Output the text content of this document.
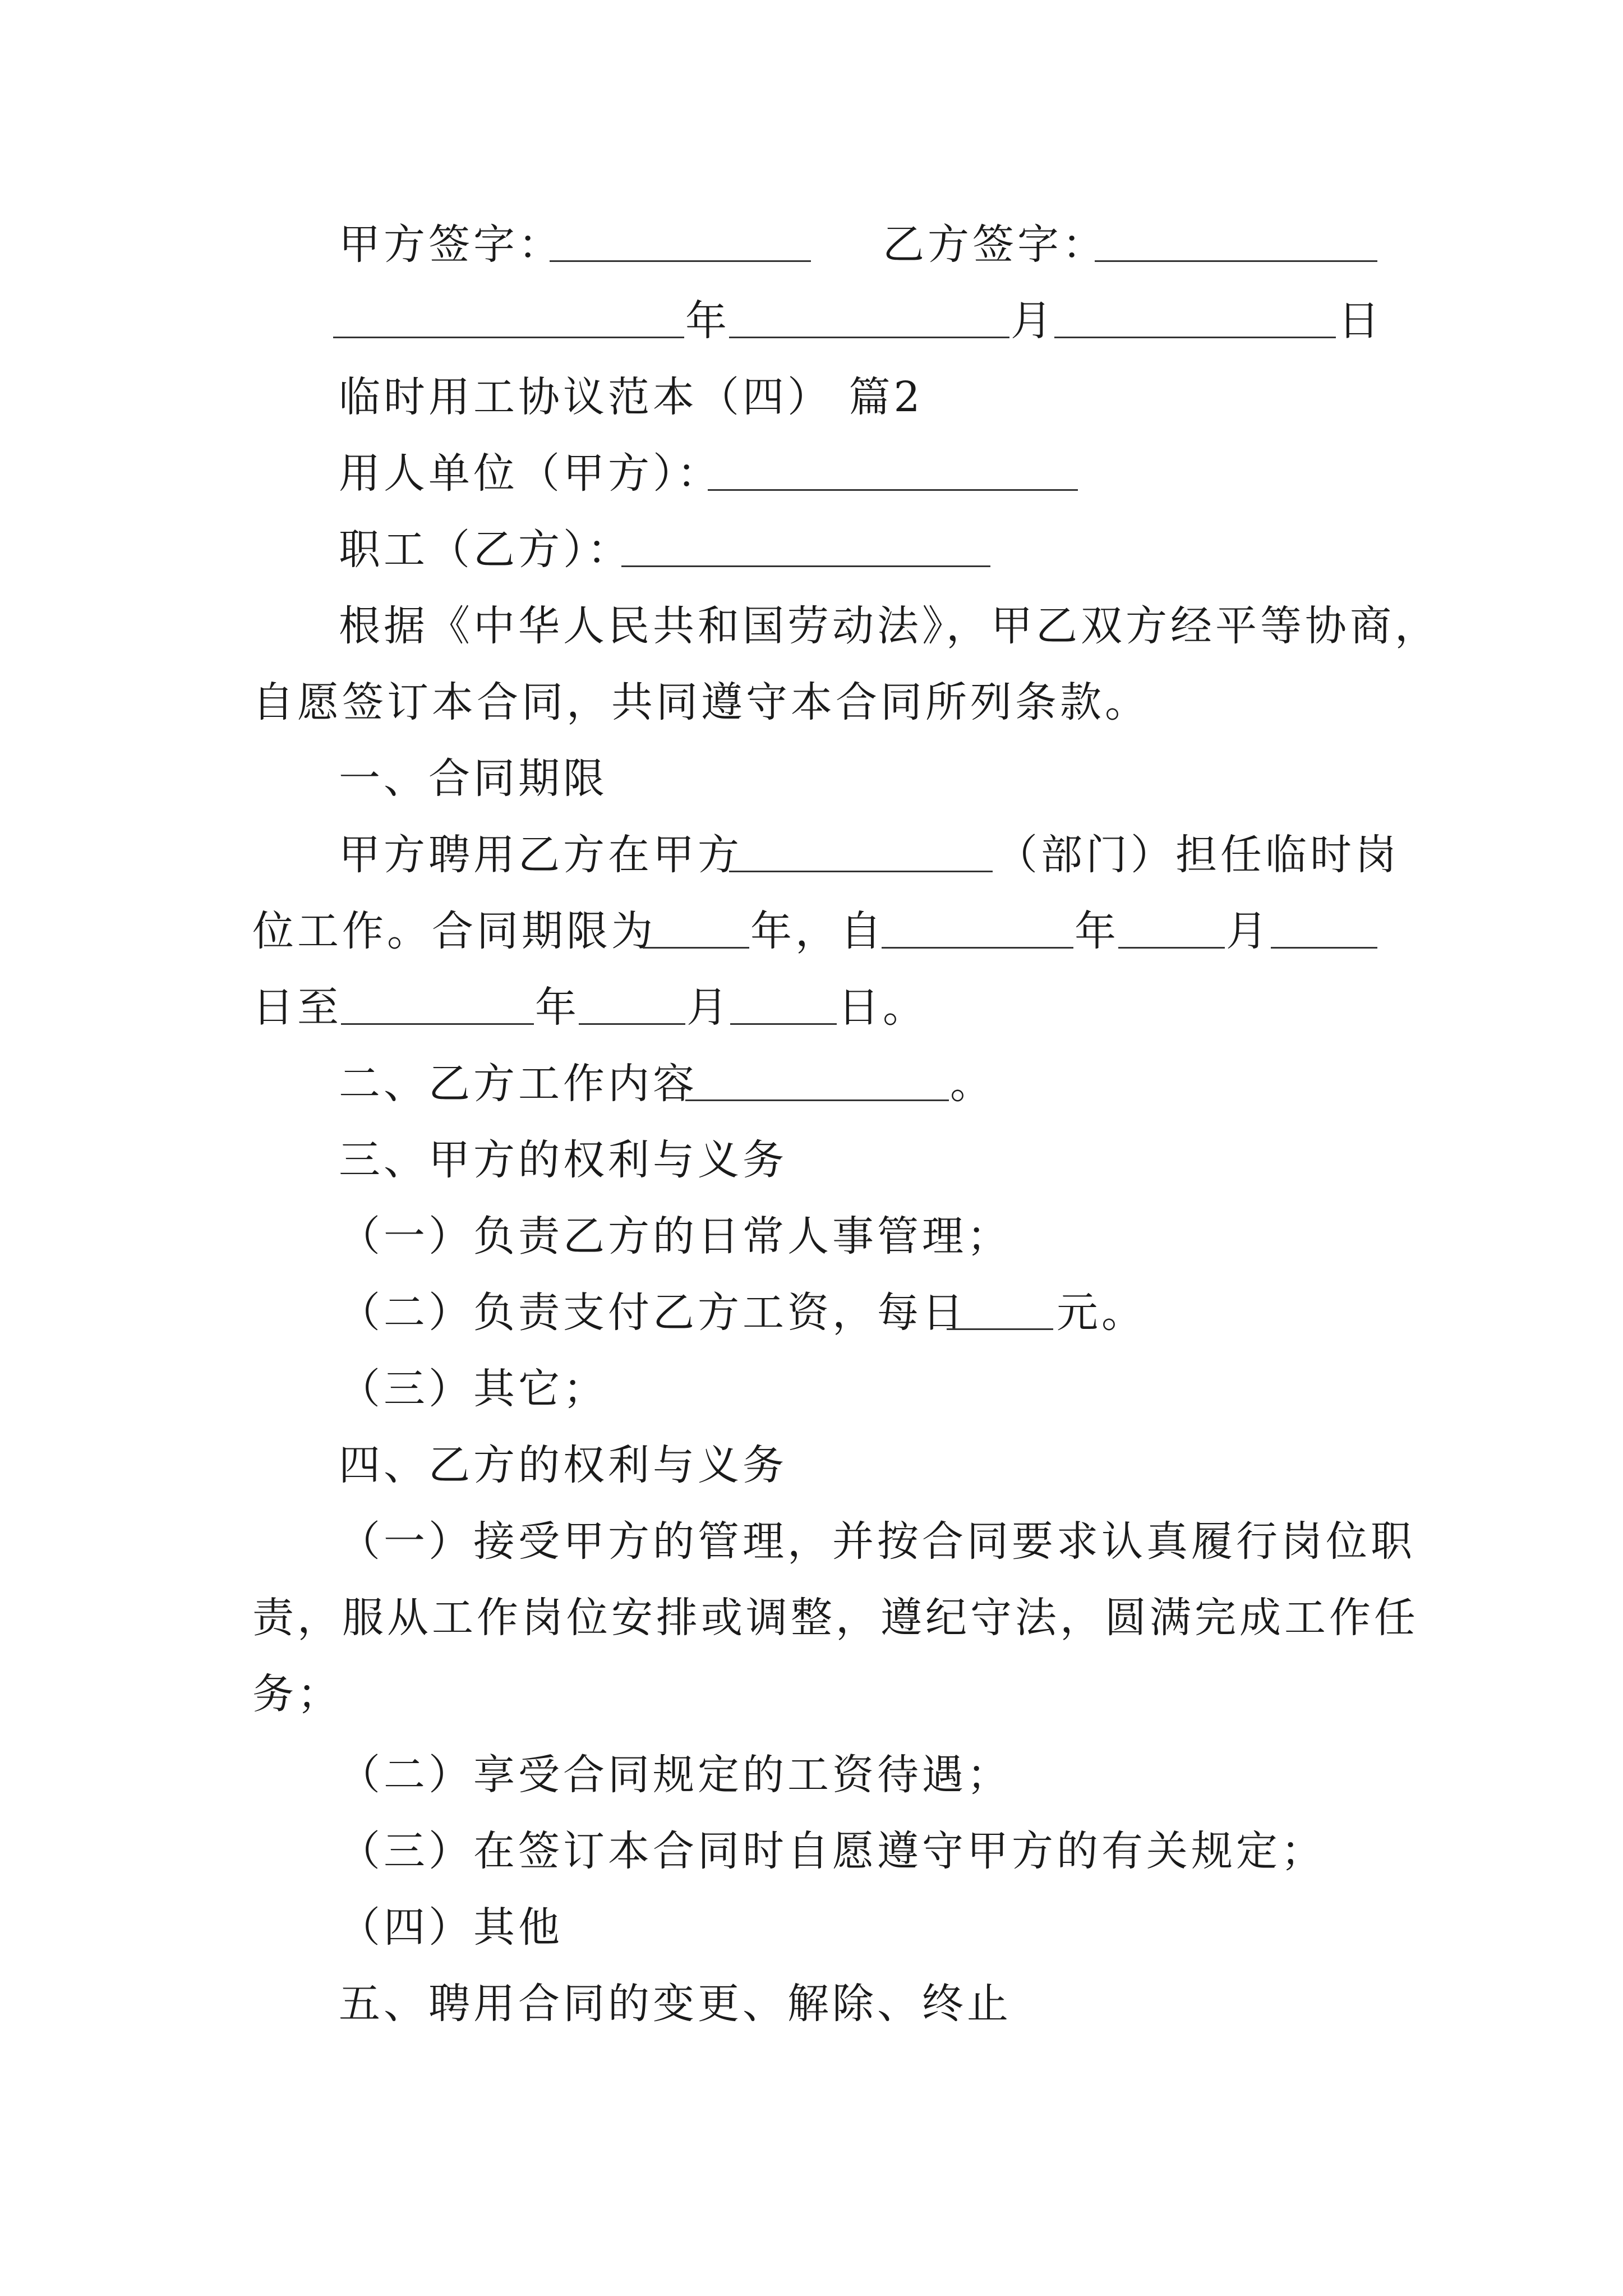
甲方签字：	乙方签字：
年	月	日
临时用工协议范本（四） 篇2
用人单位（甲方）：
职工（乙方）：
根据《中华人民共和国劳动法》，甲乙双方经平等协商，
自愿签订本合同，共同遵守本合同所列条款。
一、合同期限
甲方聘用乙方在甲方	（部门）担任临时岗
位工作。合同期限为 年，自	年	月
日至	年	月	日。
二、乙方工作内容	。
三、甲方的权利与义务
（一）负责乙方的日常人事管理；
（二）负责支付乙方工资，每日 元。
（三）其它；
四、乙方的权利与义务
（一）接受甲方的管理，并按合同要求认真履行岗位职
责，服从工作岗位安排或调整，遵纪守法，圆满完成工作任
务；
（二）享受合同规定的工资待遇；
（三）在签订本合同时自愿遵守甲方的有关规定；
（四）其他
五、聘用合同的变更、解除、终止
